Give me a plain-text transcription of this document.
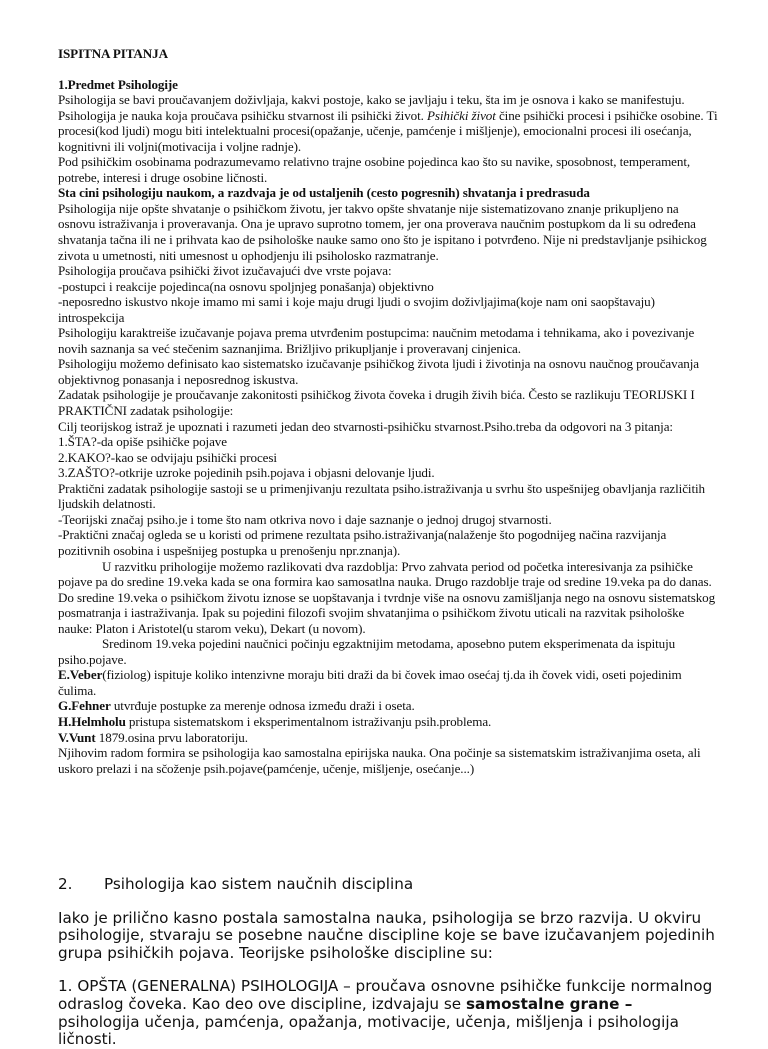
ISPITNA PITANJA

1.Predmet Psihologije

Psihologija se bavi proučavanjem doživljaja, kakvi postoje, kako se javljaju i teku, šta im je osnova i kako se manifestuju. Psihologija je nauka koja proučava psihičku stvarnost ili psihički život. Psihički život čine psihički procesi i psihičke osobine. Ti procesi(kod ljudi) mogu biti intelektualni procesi(opažanje, učenje, pamćenje i mišljenje), emocionalni procesi ili osećanja, kognitivni ili voljni(motivacija i voljne radnje).

Pod psihičkim osobinama podrazumevamo relativno trajne osobine pojedinca kao što su navike, sposobnost, temperament, potrebe, interesi i druge osobine ličnosti.

Sta cini psihologiju naukom, a razdvaja je od ustaljenih (cesto pogresnih) shvatanja i predrasuda

Psihologija nije opšte shvatanje o psihičkom životu, jer takvo opšte shvatanje nije sistematizovano znanje prikupljeno na osnovu istraživanja i proveravanja. Ona je upravo suprotno tomem, jer ona proverava naučnim postupkom da li su određena shvatanja tačna ili ne i prihvata kao de psihološke nauke samo ono što je ispitano i potvrđeno. Nije ni predstavljanje psihickog zivota u umetnosti, niti umesnost u ophodjenju ili psiholosko razmatranje.

Psihologija proučava psihički život izučavajući dve vrste pojava:

-postupci i reakcije pojedinca(na osnovu spoljnjeg ponašanja) objektivno

-neposredno iskustvo nkoje imamo mi sami i koje maju drugi ljudi o svojim doživljajima(koje nam oni saopštavaju) introspekcija

Psihologiju karaktreiše izučavanje pojava prema utvrđenim postupcima: naučnim metodama i tehnikama, ako i povezivanje novih saznanja sa već stečenim saznanjima. Brižljivo prikupljanje i proveravanj cinjenica.

Psihologiju možemo definisato kao sistematsko izučavanje psihičkog života ljudi i životinja na osnovu naučnog proučavanja objektivnog ponasanja i neposrednog iskustva.

Zadatak psihologije je proučavanje zakonitosti psihičkog života čoveka i drugih živih bića. Često se razlikuju TEORIJSKI I PRAKTIČNI zadatak psihologije:

Cilj teorijskog istraž je upoznati i razumeti jedan deo stvarnosti-psihičku stvarnost.Psiho.treba da odgovori na 3 pitanja:

1.ŠTA?-da opiše psihičke pojave

2.KAKO?-kao se odvijaju psihički procesi

3.ZAŠTO?-otkrije uzroke pojedinih psih.pojava i objasni delovanje ljudi.

Praktični zadatak psihologije sastoji se u primenjivanju rezultata psiho.istraživanja u svrhu što uspešnijeg obavljanja različitih ljudskih delatnosti.

-Teorijski značaj psiho.je i tome što nam otkriva novo i daje saznanje o jednoj drugoj stvarnosti.

-Praktični značaj ogleda se u koristi od primene rezultata psiho.istraživanja(nalaženje što pogodnijeg načina razvijanja pozitivnih osobina i uspešnijeg postupka u prenošenju npr.znanja).

U razvitku prihologije možemo razlikovati dva razdoblja: Prvo zahvata period od početka interesivanja za psihičke pojave pa do sredine 19.veka kada se ona formira kao samosatlna nauka. Drugo razdoblje traje od sredine 19.veka pa do danas.

Do sredine 19.veka o psihičkom životu iznose se uopštavanja i tvrdnje više na osnovu zamišljanja nego na osnovu sistematskog posmatranja i iastraživanja. Ipak su pojedini filozofi svojim shvatanjima o psihičkom životu uticali na razvitak psihološke nauke: Platon i Aristotel(u starom veku), Dekart (u novom).

Sredinom 19.veka pojedini naučnici počinju egzaktnijim metodama, aposebno putem eksperimenata da ispituju psiho.pojave.

E.Veber(fiziolog) ispituje koliko intenzivne moraju biti draži da bi čovek imao osećaj tj.da ih čovek vidi, oseti pojedinim čulima.

G.Fehner utvrđuje postupke za merenje odnosa između draži i oseta.

H.Helmholu pristupa sistematskom i eksperimentalnom istraživanju psih.problema.

V.Vunt 1879.osina prvu laboratoriju.

Njihovim radom formira se psihologija kao samostalna epirijska nauka. Ona počinje sa sistematskim istraživanjima oseta, ali uskoro prelazi i na sčoženje psih.pojave(pamćenje, učenje, mišljenje, osećanje...)

2. Psihologija kao sistem naučnih disciplina

Iako je prilično kasno postala samostalna nauka, psihologija se brzo razvija. U okviru psihologije, stvaraju se posebne naučne discipline koje se bave izučavanjem pojedinih grupa psihičkih pojava. Teorijske psihološke discipline su:

1. OPŠTA (GENERALNA) PSIHOLOGIJA – proučava osnovne psihičke funkcije normalnog odraslog čoveka. Kao deo ove discipline, izdvajaju se samostalne grane – psihologija učenja, pamćenja, opažanja, motivacije, učenja, mišljenja i psihologija ličnosti.
